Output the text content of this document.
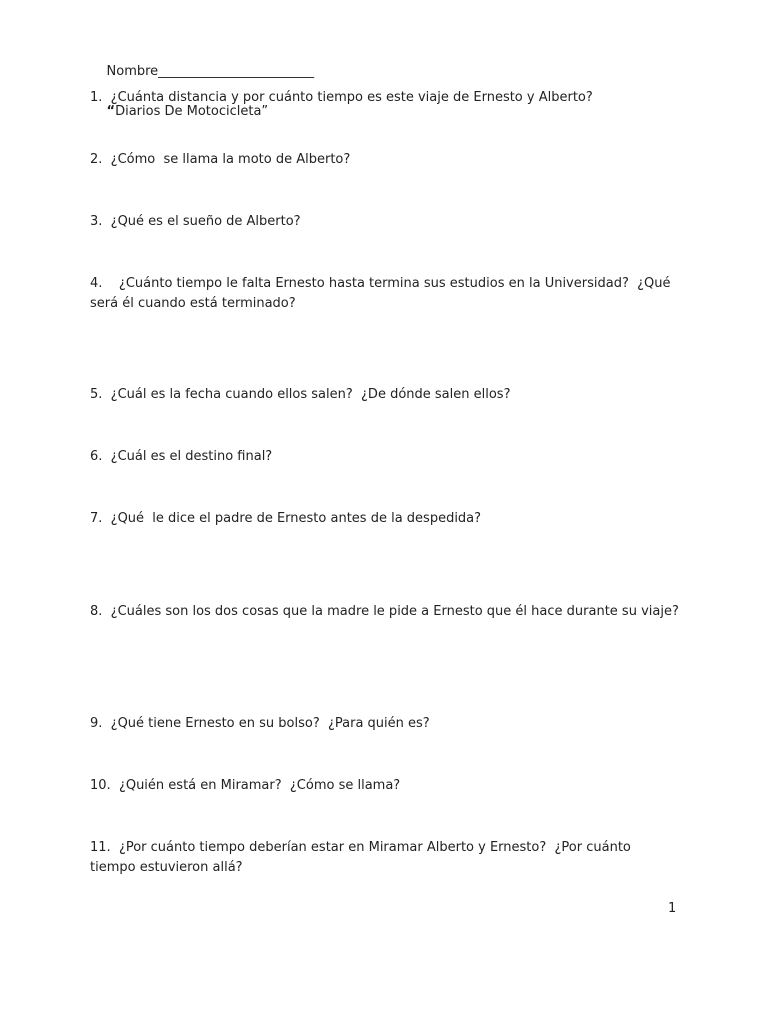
Nombre________________________

“Diarios De Motocicleta”

1.  ¿Cuánta distancia y por cuánto tiempo es este viaje de Ernesto y Alberto?
2.  ¿Cómo  se llama la moto de Alberto?
3.  ¿Qué es el sueño de Alberto?
4.    ¿Cuánto tiempo le falta Ernesto hasta termina sus estudios en la Universidad?  ¿Qué será él cuando está terminado?
5.  ¿Cuál es la fecha cuando ellos salen?  ¿De dónde salen ellos?
6.  ¿Cuál es el destino final?
7.  ¿Qué  le dice el padre de Ernesto antes de la despedida?
8.  ¿Cuáles son los dos cosas que la madre le pide a Ernesto que él hace durante su viaje?
9.  ¿Qué tiene Ernesto en su bolso?  ¿Para quién es?
10.  ¿Quién está en Miramar?  ¿Cómo se llama?
11.  ¿Por cuánto tiempo deberían estar en Miramar Alberto y Ernesto?  ¿Por cuánto tiempo estuvieron allá?
1
